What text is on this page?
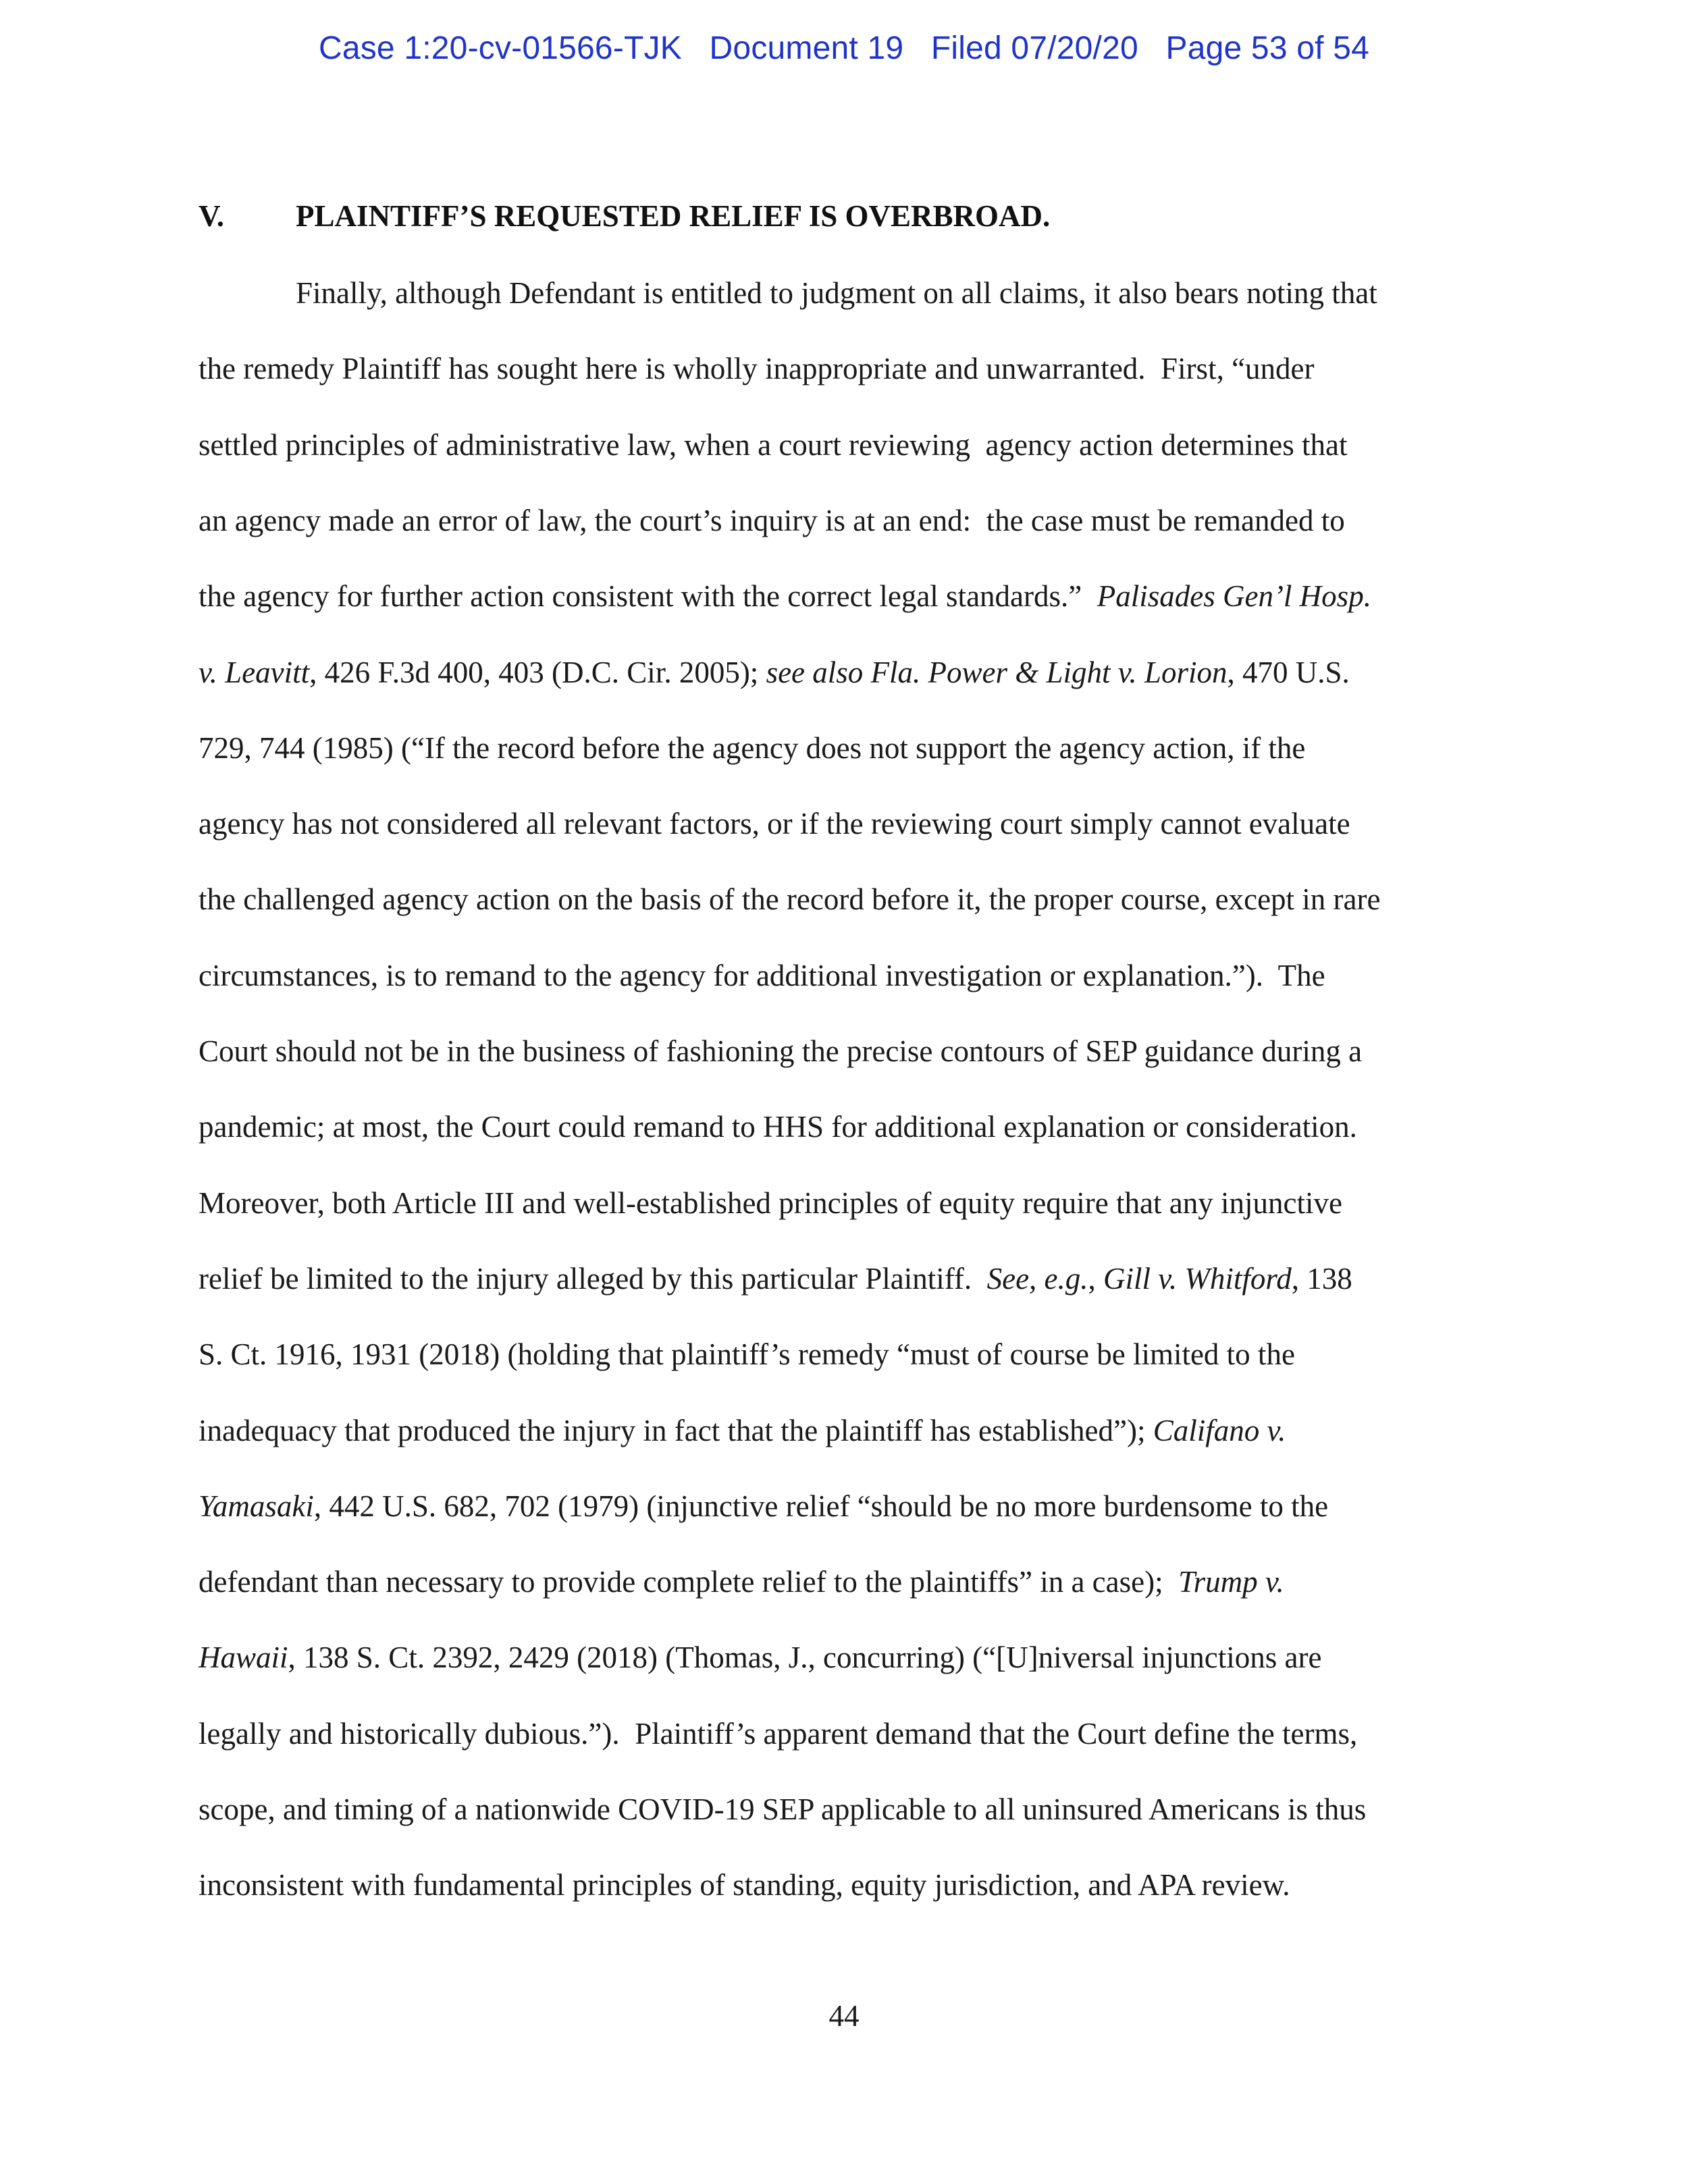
Case 1:20-cv-01566-TJK   Document 19   Filed 07/20/20   Page 53 of 54
V. PLAINTIFF’S REQUESTED RELIEF IS OVERBROAD.
Finally, although Defendant is entitled to judgment on all claims, it also bears noting that
the remedy Plaintiff has sought here is wholly inappropriate and unwarranted.  First, “under
settled principles of administrative law, when a court reviewing  agency action determines that
an agency made an error of law, the court’s inquiry is at an end:  the case must be remanded to
the agency for further action consistent with the correct legal standards.”  Palisades Gen’l Hosp.
v. Leavitt, 426 F.3d 400, 403 (D.C. Cir. 2005); see also Fla. Power & Light v. Lorion, 470 U.S.
729, 744 (1985) (“If the record before the agency does not support the agency action, if the
agency has not considered all relevant factors, or if the reviewing court simply cannot evaluate
the challenged agency action on the basis of the record before it, the proper course, except in rare
circumstances, is to remand to the agency for additional investigation or explanation.”).  The
Court should not be in the business of fashioning the precise contours of SEP guidance during a
pandemic; at most, the Court could remand to HHS for additional explanation or consideration.
Moreover, both Article III and well-established principles of equity require that any injunctive
relief be limited to the injury alleged by this particular Plaintiff.  See, e.g., Gill v. Whitford, 138
S. Ct. 1916, 1931 (2018) (holding that plaintiff’s remedy “must of course be limited to the
inadequacy that produced the injury in fact that the plaintiff has established”); Califano v.
Yamasaki, 442 U.S. 682, 702 (1979) (injunctive relief “should be no more burdensome to the
defendant than necessary to provide complete relief to the plaintiffs” in a case);  Trump v.
Hawaii, 138 S. Ct. 2392, 2429 (2018) (Thomas, J., concurring) (“[U]niversal injunctions are
legally and historically dubious.”).  Plaintiff’s apparent demand that the Court define the terms,
scope, and timing of a nationwide COVID-19 SEP applicable to all uninsured Americans is thus
inconsistent with fundamental principles of standing, equity jurisdiction, and APA review.
44
